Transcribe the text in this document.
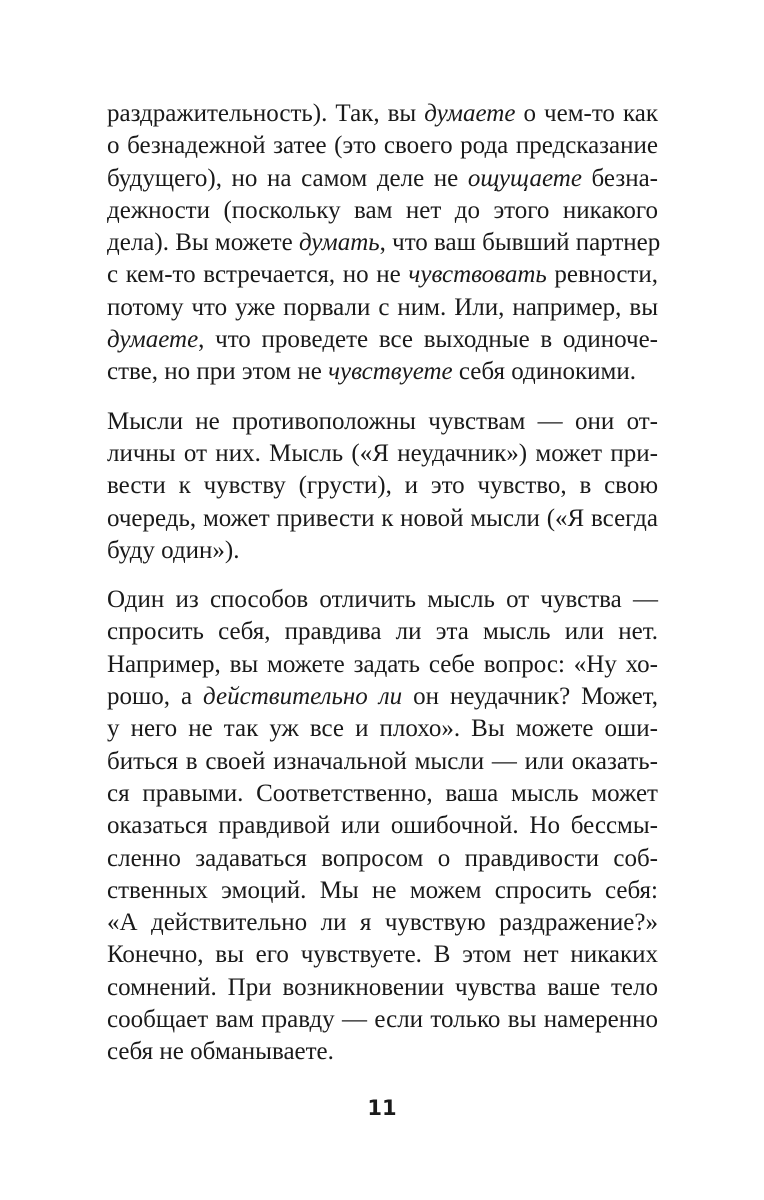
раздражительность). Так, вы думаете о чем-то как
о безнадежной затее (это своего рода предсказание
будущего), но на самом деле не ощущаете безна-
дежности (поскольку вам нет до этого никакого
дела). Вы можете думать, что ваш бывший партнер
с кем-то встречается, но не чувствовать ревности,
потому что уже порвали с ним. Или, например, вы
думаете, что проведете все выходные в одиноче-
стве, но при этом не чувствуете себя одинокими.
Мысли не противоположны чувствам — они от-
личны от них. Мысль («Я неудачник») может при-
вести к чувству (грусти), и это чувство, в свою
очередь, может привести к новой мысли («Я всегда
буду один»).
Один из способов отличить мысль от чувства —
спросить себя, правдива ли эта мысль или нет.
Например, вы можете задать себе вопрос: «Ну хо-
рошо, а действительно ли он неудачник? Может,
у него не так уж все и плохо». Вы можете оши-
биться в своей изначальной мысли — или оказать-
ся правыми. Соответственно, ваша мысль может
оказаться правдивой или ошибочной. Но бессмы-
сленно задаваться вопросом о правдивости соб-
ственных эмоций. Мы не можем спросить себя:
«А действительно ли я чувствую раздражение?»
Конечно, вы его чувствуете. В этом нет никаких
сомнений. При возникновении чувства ваше тело
сообщает вам правду — если только вы намеренно
себя не обманываете.
11
